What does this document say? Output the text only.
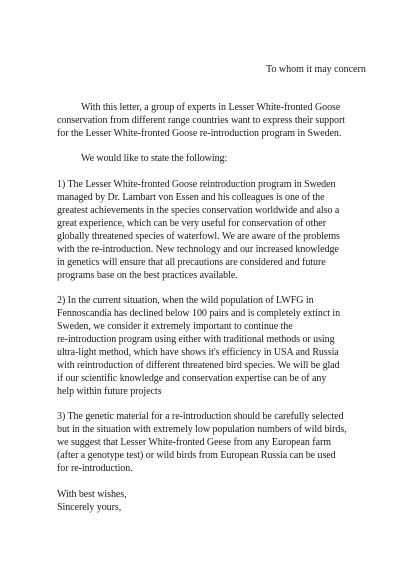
To whom it may concern
With this letter, a group of experts in Lesser White-fronted Goose
conservation from different range countries want to express their support
for the Lesser White-fronted Goose re-introduction program in Sweden.
We would like to state the following:
1) The Lesser White-fronted Goose reintroduction program in Sweden
managed by Dr. Lambart von Essen and his colleagues is one of the
greatest achievements in the species conservation worldwide and also a
great experience, which can be very useful for conservation of other
globally threatened species of waterfowl. We are aware of the problems
with the re-introduction. New technology and our increased knowledge
in genetics will ensure that all precautions are considered and future
programs base on the best practices available.
2) In the current situation, when the wild population of LWFG in
Fennoscandia has declined below 100 pairs and is completely extinct in
Sweden, we consider it extremely important to continue the
re-introduction program using either with traditional methods or using
ultra-light method, which have shows it's efficiency in USA and Russia
with reintroduction of different threatened bird species. We will be glad
if our scientific knowledge and conservation expertise can be of any
help within future projects
3) The genetic material for a re-introduction should be carefully selected
but in the situation with extremely low population numbers of wild birds,
we suggest that Lesser White-fronted Geese from any European farm
(after a genotype test) or wild birds from European Russia can be used
for re-introduction.
With best wishes,
Sincerely yours,
